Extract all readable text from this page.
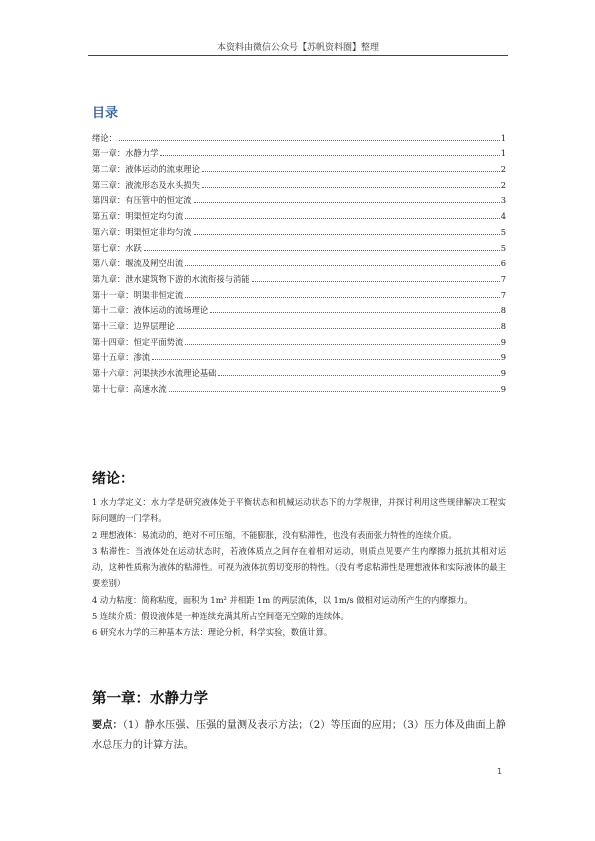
本资料由微信公众号【苏帆资料圈】整理
目录
绪论：	1
第一章：水静力学	1
第二章：液体运动的流束理论	2
第三章：液流形态及水头损失	2
第四章：有压管中的恒定流	3
第五章：明渠恒定均匀流	4
第六章：明渠恒定非均匀流	5
第七章：水跃	5
第八章：堰流及闸空出流	6
第九章：泄水建筑物下游的水流衔接与消能	7
第十一章：明渠非恒定流	7
第十二章：液体运动的流场理论	8
第十三章：边界层理论	8
第十四章：恒定平面势流	9
第十五章：渗流	9
第十六章：河渠挟沙水流理论基础	9
第十七章：高速水流	9
绪论：

1 水力学定义：水力学是研究液体处于平衡状态和机械运动状态下的力学规律，并探讨利用这些规律解决工程实际问题的一门学科。

2 理想液体：易流动的，绝对不可压缩，不能膨胀，没有粘滞性，也没有表面张力特性的连续介质。

3 粘滞性：当液体处在运动状态时，若液体质点之间存在着相对运动，则质点见要产生内摩擦力抵抗其相对运动，这种性质称为液体的粘滞性。可视为液体抗剪切变形的特性。（没有考虑粘滞性是理想液体和实际液体的最主要差别）

4 动力粘度：简称粘度，面积为 1m² 并相距 1m 的两层流体，以 1m/s 做相对运动所产生的内摩擦力。

5 连续介质：假设液体是一种连续充满其所占空间毫无空隙的连续体。

6 研究水力学的三种基本方法：理论分析，科学实验，数值计算。

第一章：水静力学
要点：（1）静水压强、压强的量测及表示方法；（2）等压面的应用；（3）压力体及曲面上静水总压力的计算方法。
1
